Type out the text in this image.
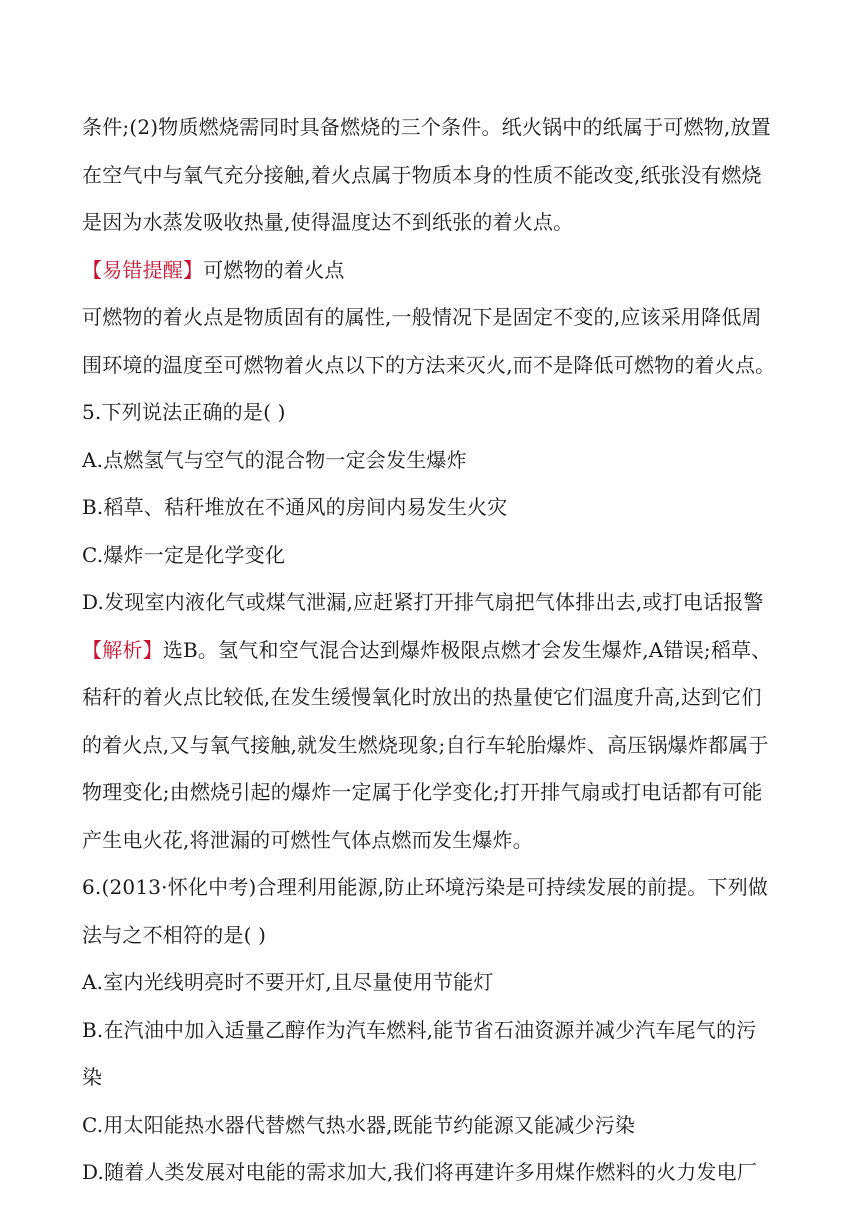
条件;(2)物质燃烧需同时具备燃烧的三个条件。纸火锅中的纸属于可燃物,放置
在空气中与氧气充分接触,着火点属于物质本身的性质不能改变,纸张没有燃烧
是因为水蒸发吸收热量,使得温度达不到纸张的着火点。
【易错提醒】可燃物的着火点
可燃物的着火点是物质固有的属性,一般情况下是固定不变的,应该采用降低周
围环境的温度至可燃物着火点以下的方法来灭火,而不是降低可燃物的着火点。
5.下列说法正确的是( )
A.点燃氢气与空气的混合物一定会发生爆炸
B.稻草、秸秆堆放在不通风的房间内易发生火灾
C.爆炸一定是化学变化
D.发现室内液化气或煤气泄漏,应赶紧打开排气扇把气体排出去,或打电话报警
【解析】选B。氢气和空气混合达到爆炸极限点燃才会发生爆炸,A错误;稻草、
秸秆的着火点比较低,在发生缓慢氧化时放出的热量使它们温度升高,达到它们
的着火点,又与氧气接触,就发生燃烧现象;自行车轮胎爆炸、高压锅爆炸都属于
物理变化;由燃烧引起的爆炸一定属于化学变化;打开排气扇或打电话都有可能
产生电火花,将泄漏的可燃性气体点燃而发生爆炸。
6.(2013·怀化中考)合理利用能源,防止环境污染是可持续发展的前提。下列做
法与之不相符的是( )
A.室内光线明亮时不要开灯,且尽量使用节能灯
B.在汽油中加入适量乙醇作为汽车燃料,能节省石油资源并减少汽车尾气的污
染
C.用太阳能热水器代替燃气热水器,既能节约能源又能减少污染
D.随着人类发展对电能的需求加大,我们将再建许多用煤作燃料的火力发电厂
